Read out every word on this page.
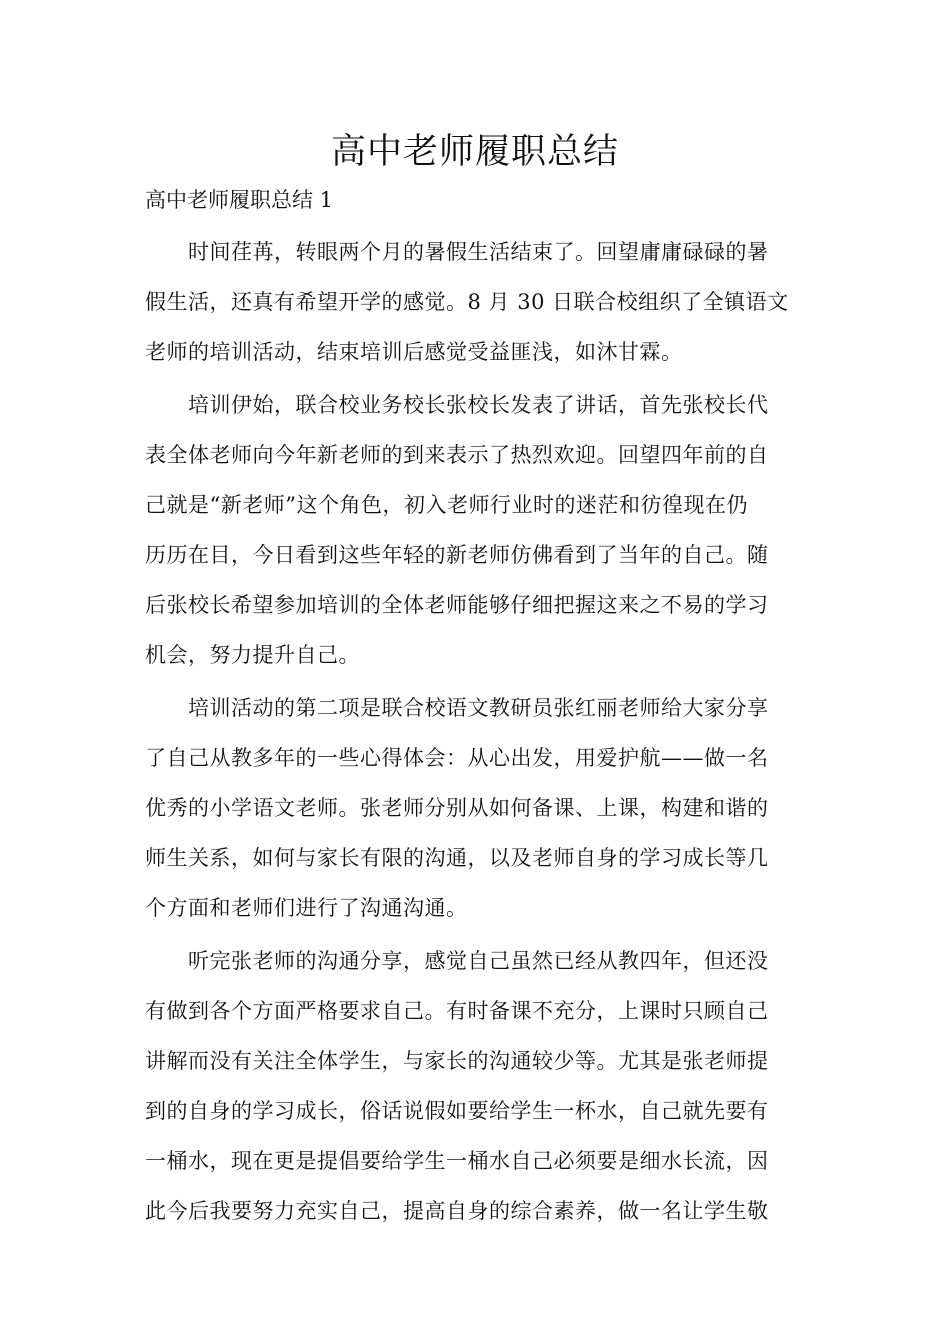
高中老师履职总结
高中老师履职总结 1
　　时间荏苒，转眼两个月的暑假生活结束了。回望庸庸碌碌的暑
假生活，还真有希望开学的感觉。8 月 30 日联合校组织了全镇语文
老师的培训活动，结束培训后感觉受益匪浅，如沐甘霖。
　　培训伊始，联合校业务校长张校长发表了讲话，首先张校长代
表全体老师向今年新老师的到来表示了热烈欢迎。回望四年前的自
己就是“新老师”这个角色，初入老师行业时的迷茫和彷徨现在仍
历历在目，今日看到这些年轻的新老师仿佛看到了当年的自己。随
后张校长希望参加培训的全体老师能够仔细把握这来之不易的学习
机会，努力提升自己。
　　培训活动的第二项是联合校语文教研员张红丽老师给大家分享
了自己从教多年的一些心得体会：从心出发，用爱护航——做一名
优秀的小学语文老师。张老师分别从如何备课、上课，构建和谐的
师生关系，如何与家长有限的沟通，以及老师自身的学习成长等几
个方面和老师们进行了沟通沟通。
　　听完张老师的沟通分享，感觉自己虽然已经从教四年，但还没
有做到各个方面严格要求自己。有时备课不充分，上课时只顾自己
讲解而没有关注全体学生，与家长的沟通较少等。尤其是张老师提
到的自身的学习成长，俗话说假如要给学生一杯水，自己就先要有
一桶水，现在更是提倡要给学生一桶水自己必须要是细水长流，因
此今后我要努力充实自己，提高自身的综合素养，做一名让学生敬
